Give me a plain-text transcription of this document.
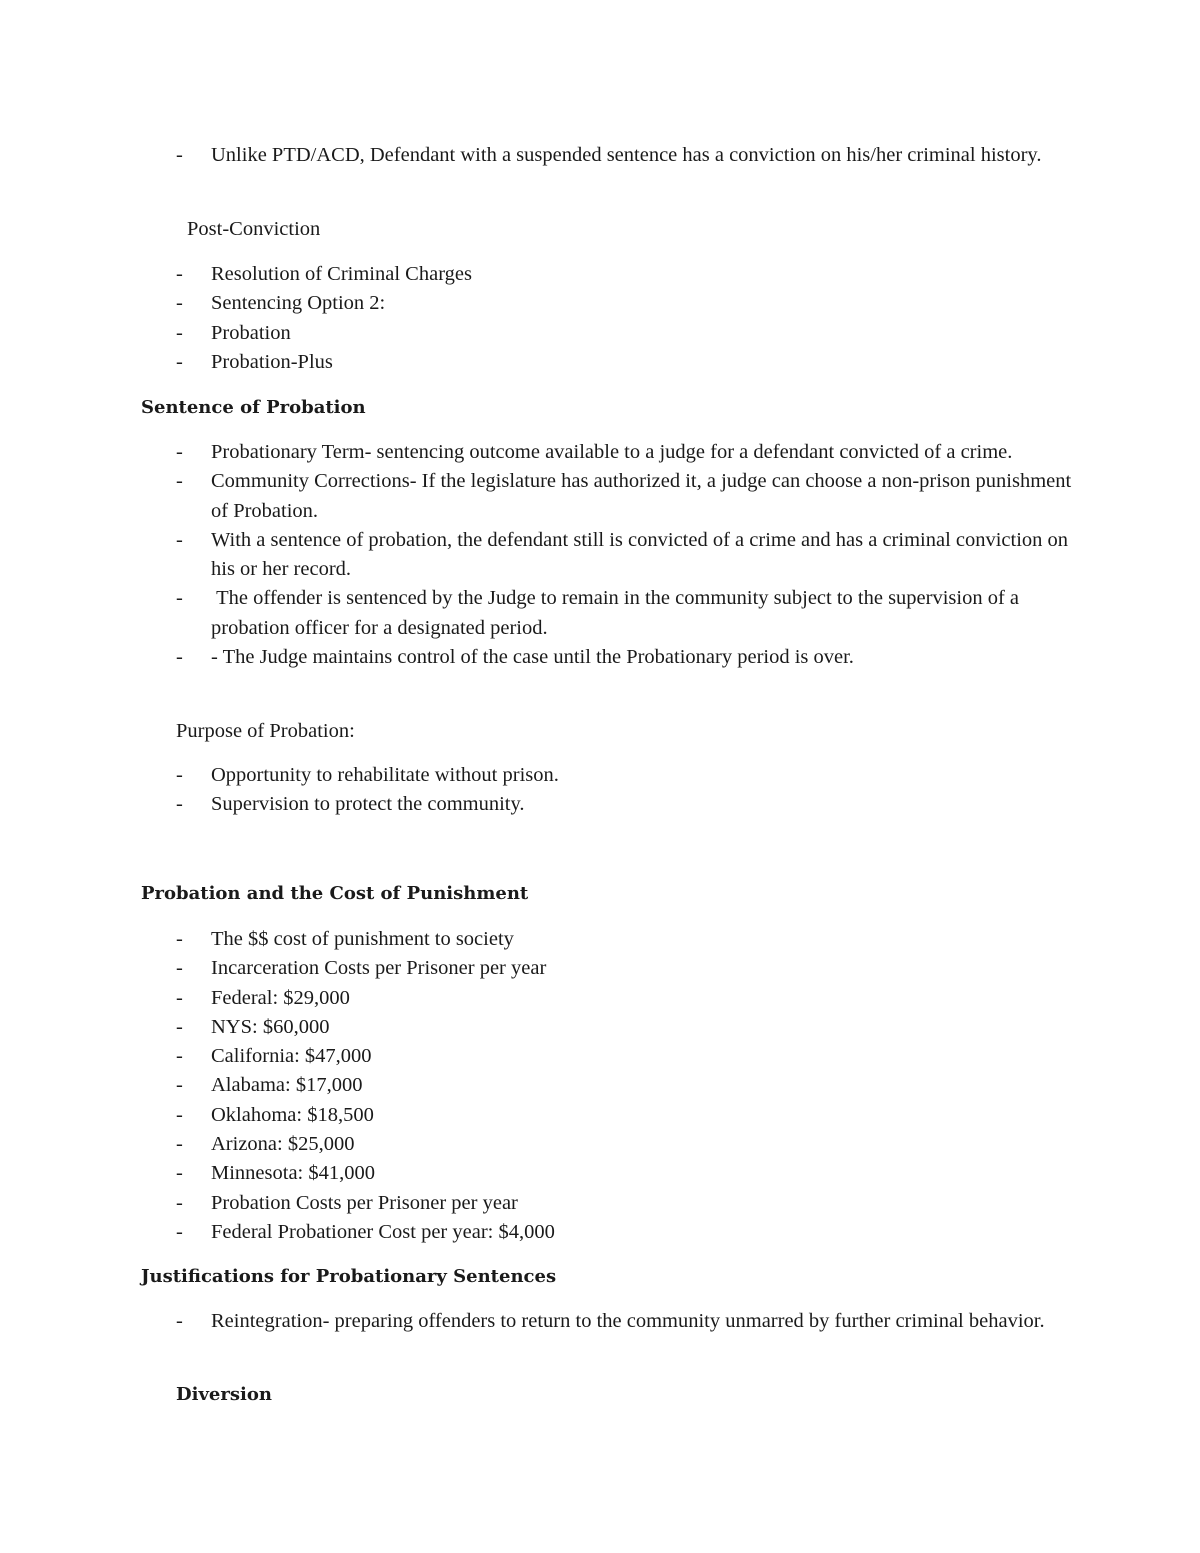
- Unlike PTD/ACD, Defendant with a suspended sentence has a conviction on his/her criminal history.

Post-Conviction

- Resolution of Criminal Charges
- Sentencing Option 2:
- Probation
- Probation-Plus

Sentence of Probation

- Probationary Term- sentencing outcome available to a judge for a defendant convicted of a crime.
- Community Corrections- If the legislature has authorized it, a judge can choose a non-prison punishment of Probation.
- With a sentence of probation, the defendant still is convicted of a crime and has a criminal conviction on his or her record.
- The offender is sentenced by the Judge to remain in the community subject to the supervision of a probation officer for a designated period.
- - The Judge maintains control of the case until the Probationary period is over.

Purpose of Probation:

- Opportunity to rehabilitate without prison.
- Supervision to protect the community.

Probation and the Cost of Punishment

- The $$ cost of punishment to society
- Incarceration Costs per Prisoner per year
- Federal: $29,000
- NYS: $60,000
- California: $47,000
- Alabama: $17,000
- Oklahoma: $18,500
- Arizona: $25,000
- Minnesota: $41,000
- Probation Costs per Prisoner per year
- Federal Probationer Cost per year: $4,000

Justifications for Probationary Sentences

- Reintegration- preparing offenders to return to the community unmarred by further criminal behavior.

Diversion
